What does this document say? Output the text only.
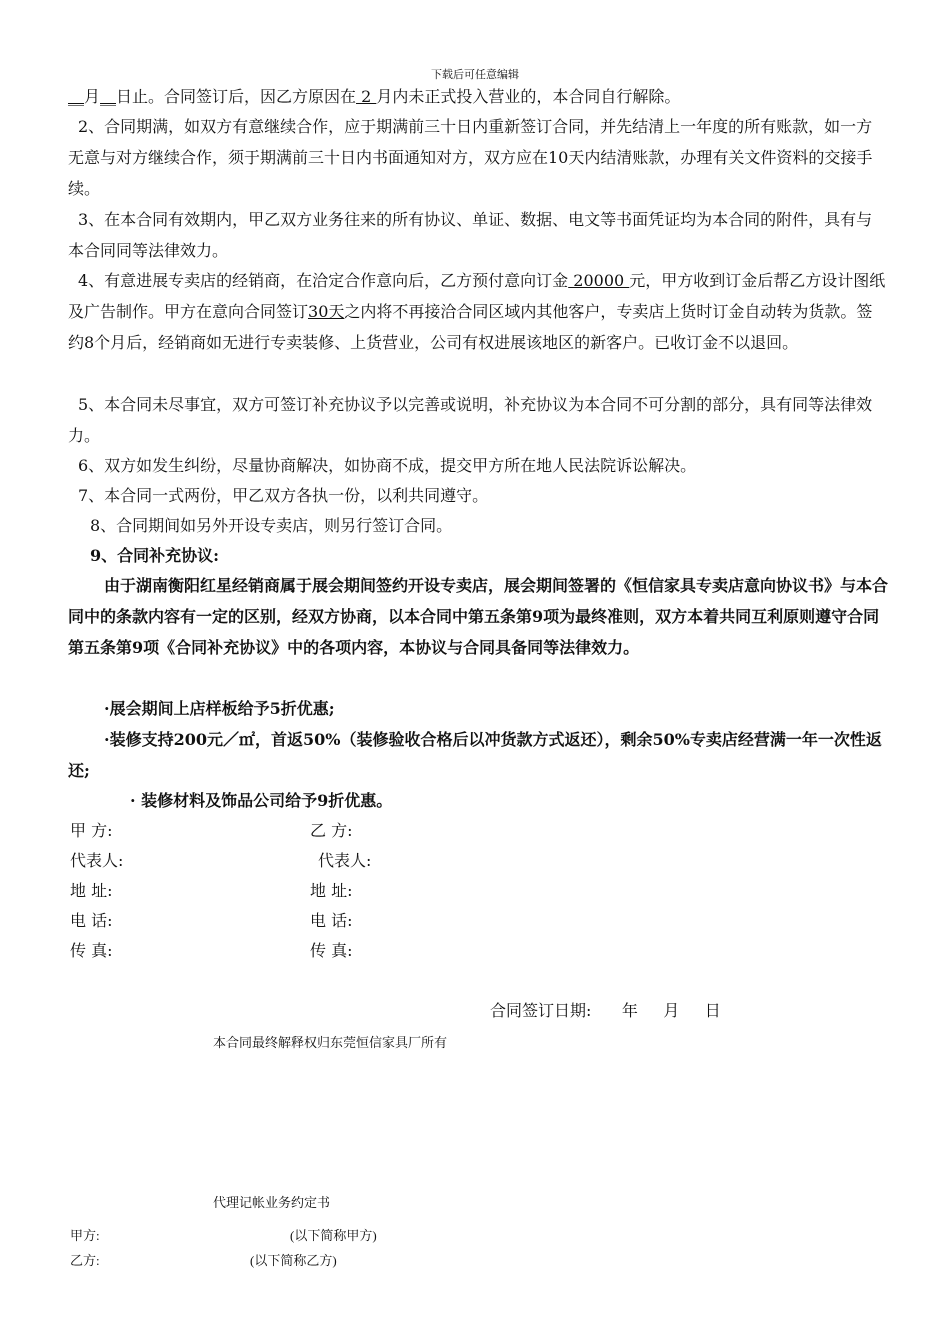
下载后可任意编辑

__月__日止。合同签订后，因乙方原因在 2 月内未正式投入营业的，本合同自行解除。

2、合同期满，如双方有意继续合作，应于期满前三十日内重新签订合同，并先结清上一年度的所有账款，如一方无意与对方继续合作，须于期满前三十日内书面通知对方，双方应在10天内结清账款，办理有关文件资料的交接手续。

3、在本合同有效期内，甲乙双方业务往来的所有协议、单证、数据、电文等书面凭证均为本合同的附件，具有与本合同同等法律效力。

4、有意进展专卖店的经销商，在洽定合作意向后，乙方预付意向订金 20000 元，甲方收到订金后帮乙方设计图纸及广告制作。甲方在意向合同签订30天之内将不再接洽合同区域内其他客户，专卖店上货时订金自动转为货款。签约8个月后，经销商如无进行专卖装修、上货营业，公司有权进展该地区的新客户。已收订金不以退回。

5、本合同未尽事宜，双方可签订补充协议予以完善或说明，补充协议为本合同不可分割的部分，具有同等法律效力。

6、双方如发生纠纷，尽量协商解决，如协商不成，提交甲方所在地人民法院诉讼解决。

7、本合同一式两份，甲乙双方各执一份，以利共同遵守。

8、合同期间如另外开设专卖店，则另行签订合同。

9、合同补充协议:

由于湖南衡阳红星经销商属于展会期间签约开设专卖店，展会期间签署的《恒信家具专卖店意向协议书》与本合同中的条款内容有一定的区别，经双方协商，以本合同中第五条第9项为最终准则，双方本着共同互利原则遵守合同第五条第9项《合同补充协议》中的各项内容，本协议与合同具备同等法律效力。

·展会期间上店样板给予5折优惠;

·装修支持200元／㎡，首返50%（装修验收合格后以冲货款方式返还），剩余50%专卖店经营满一年一次性返还;

· 装修材料及饰品公司给予9折优惠。

甲 方:
代表人:
地 址:
电 话:
传 真:
乙 方:
代表人:
地 址:
电 话:
传 真:
合同签订日期:      年     月     日
本合同最终解释权归东莞恒信家具厂所有
代理记帐业务约定书
甲方:	(以下简称甲方)
乙方:	(以下简称乙方)
